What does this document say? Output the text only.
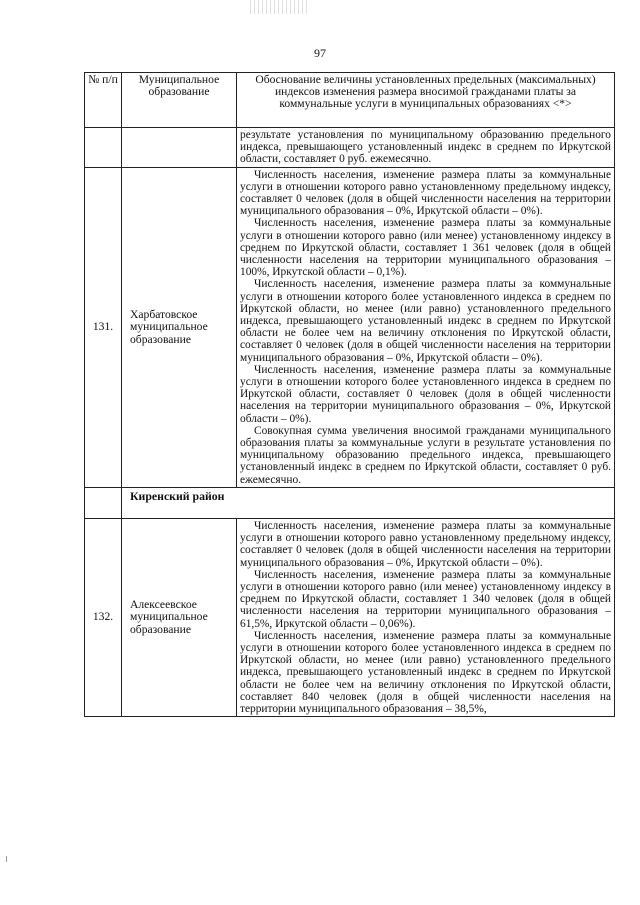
97
№ п/п	Муниципальное образование	Обоснование величины установленных предельных (максимальных) индексов изменения размера вносимой гражданами платы за коммунальные услуги в муниципальных образованиях <*>

		результате установления по муниципальному образованию предельного индекса, превышающего установленный индекс в среднем по Иркутской области, составляет 0 руб. ежемесячно.

131.	Харбатовское муниципальное образование	Численность населения, изменение размера платы за коммунальные услуги в отношении которого равно установленному предельному индексу, составляет 0 человек (доля в общей численности населения на территории муниципального образования – 0%, Иркутской области – 0%).

Численность населения, изменение размера платы за коммунальные услуги в отношении которого равно (или менее) установленному индексу в среднем по Иркутской области, составляет 1 361 человек (доля в общей численности населения на территории муниципального образования – 100%, Иркутской области – 0,1%).

Численность населения, изменение размера платы за коммунальные услуги в отношении которого более установленного индекса в среднем по Иркутской области, но менее (или равно) установленного предельного индекса, превышающего установленный индекс в среднем по Иркутской области не более чем на величину отклонения по Иркутской области, составляет 0 человек (доля в общей численности населения на территории муниципального образования – 0%, Иркутской области – 0%).

Численность населения, изменение размера платы за коммунальные услуги в отношении которого более установленного индекса в среднем по Иркутской области, составляет 0 человек (доля в общей численности населения на территории муниципального образования – 0%, Иркутской области – 0%).

Совокупная сумма увеличения вносимой гражданами муниципального образования платы за коммунальные услуги в результате установления по муниципальному образованию предельного индекса, превышающего установленный индекс в среднем по Иркутской области, составляет 0 руб. ежемесячно.

	Киренский район	
132.	Алексеевское муниципальное образование	Численность населения, изменение размера платы за коммунальные услуги в отношении которого равно установленному предельному индексу, составляет 0 человек (доля в общей численности населения на территории муниципального образования – 0%, Иркутской области – 0%).

Численность населения, изменение размера платы за коммунальные услуги в отношении которого равно (или менее) установленному индексу в среднем по Иркутской области, составляет 1 340 человек (доля в общей численности населения на территории муниципального образования – 61,5%, Иркутской области – 0,06%).

Численность населения, изменение размера платы за коммунальные услуги в отношении которого более установленного индекса в среднем по Иркутской области, но менее (или равно) установленного предельного индекса, превышающего установленный индекс в среднем по Иркутской области не более чем на величину отклонения по Иркутской области, составляет 840 человек (доля в общей численности населения на территории муниципального образования – 38,5%,
